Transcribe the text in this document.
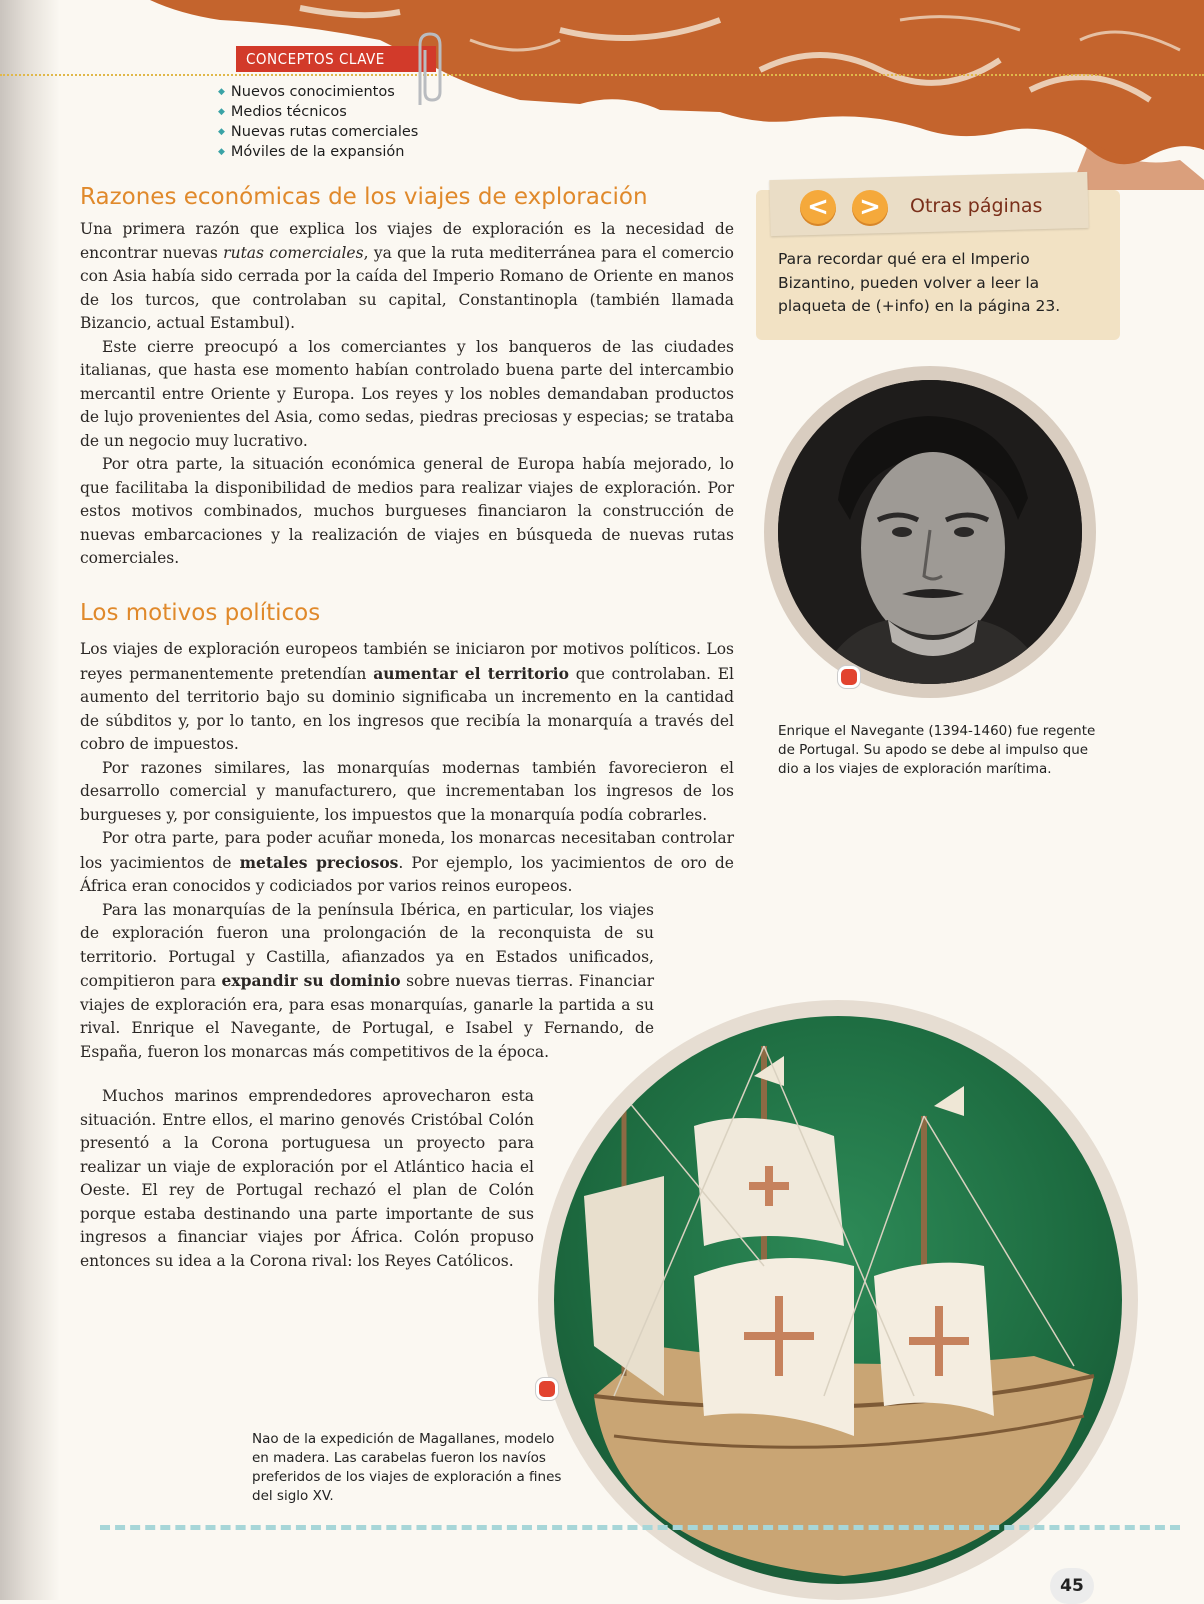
CONCEPTOS CLAVE
◆ Nuevos conocimientos
◆ Medios técnicos
◆ Nuevas rutas comerciales
◆ Móviles de la expansión
Razones económicas de los viajes de exploración

Una primera razón que explica los viajes de exploración es la necesidad de encontrar nuevas rutas comerciales, ya que la ruta mediterránea para el comercio con Asia había sido cerrada por la caída del Imperio Romano de Oriente en manos de los turcos, que controlaban su capital, Constantinopla (también llamada Bizancio, actual Estambul).

Este cierre preocupó a los comerciantes y los banqueros de las ciudades italianas, que hasta ese momento habían controlado buena parte del intercambio mercantil entre Oriente y Europa. Los reyes y los nobles demandaban productos de lujo provenientes del Asia, como sedas, piedras preciosas y especias; se trataba de un negocio muy lucrativo.

Por otra parte, la situación económica general de Europa había mejorado, lo que facilitaba la disponibilidad de medios para realizar viajes de exploración. Por estos motivos combinados, muchos burgueses financiaron la construcción de nuevas embarcaciones y la realización de viajes en búsqueda de nuevas rutas comerciales.

Los motivos políticos

Los viajes de exploración europeos también se iniciaron por motivos políticos. Los reyes permanentemente pretendían aumentar el territorio que controlaban. El aumento del territorio bajo su dominio significaba un incremento en la cantidad de súbditos y, por lo tanto, en los ingresos que recibía la monarquía a través del cobro de impuestos.

Por razones similares, las monarquías modernas también favorecieron el desarrollo comercial y manufacturero, que incrementaban los ingresos de los burgueses y, por consiguiente, los impuestos que la monarquía podía cobrarles.

Por otra parte, para poder acuñar moneda, los monarcas necesitaban controlar los yacimientos de metales preciosos. Por ejemplo, los yacimientos de oro de África eran conocidos y codiciados por varios reinos europeos.

Para las monarquías de la península Ibérica, en particular, los viajes de exploración fueron una prolongación de la reconquista de su territorio. Portugal y Castilla, afianzados ya en Estados unificados, compitieron para expandir su dominio sobre nuevas tierras. Financiar viajes de exploración era, para esas monarquías, ganarle la partida a su rival. Enrique el Navegante, de Portugal, e Isabel y Fernando, de España, fueron los monarcas más competitivos de la época.

Muchos marinos emprendedores aprovecharon esta situación. Entre ellos, el marino genovés Cristóbal Colón presentó a la Corona portuguesa un proyecto para realizar un viaje de exploración por el Atlántico hacia el Oeste. El rey de Portugal rechazó el plan de Colón porque estaba destinando una parte importante de sus ingresos a financiar viajes por África. Colón propuso entonces su idea a la Corona rival: los Reyes Católicos.

< >	Otras páginas
Para recordar qué era el Imperio Bizantino, pueden volver a leer la plaqueta de (+info) en la página 23.
Enrique el Navegante (1394-1460) fue regente de Portugal. Su apodo se debe al impulso que dio a los viajes de exploración marítima.
Nao de la expedición de Magallanes, modelo en madera. Las carabelas fueron los navíos preferidos de los viajes de exploración a fines del siglo XV.
45
